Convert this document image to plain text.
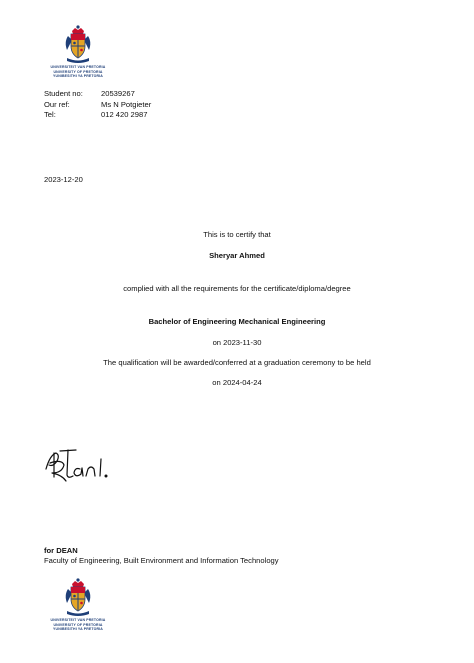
UNIVERSITEIT VAN PRETORIA
UNIVERSITY OF PRETORIA
YUNIBESITHI YA PRETORIA
Student no:	20539267
Our ref:	Ms N Potgieter
Tel:	012 420 2987
2023-12-20
This is to certify that
Sheryar Ahmed
complied with all the requirements for the certificate/diploma/degree
Bachelor of Engineering Mechanical Engineering
on 2023-11-30
The qualification will be awarded/conferred at a graduation ceremony to be held
on 2024-04-24
for DEAN
Faculty of Engineering, Built Environment and Information Technology
UNIVERSITEIT VAN PRETORIA
UNIVERSITY OF PRETORIA
YUNIBESITHI YA PRETORIA
